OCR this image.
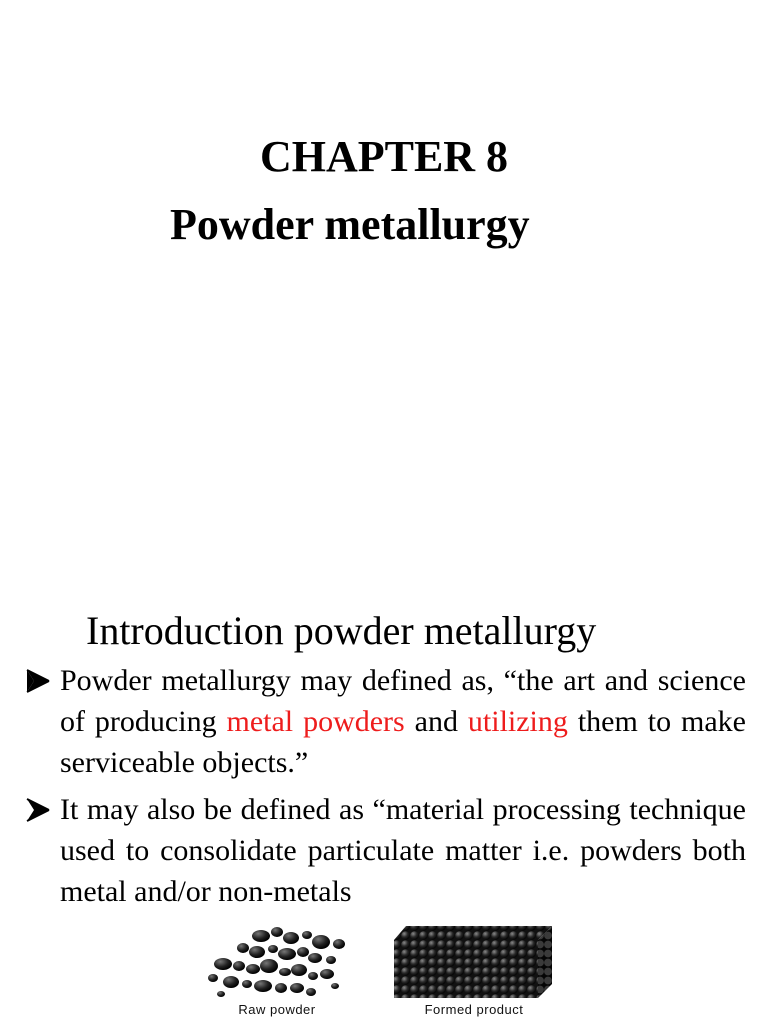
CHAPTER 8
Powder metallurgy
Introduction powder metallurgy
Powder metallurgy may defined as, “the art and science of producing metal powders and utilizing them to make serviceable objects.”
It may also be defined as “material processing technique used to consolidate particulate matter i.e. powders both metal and/or non-metals
Raw powder	Formed product
